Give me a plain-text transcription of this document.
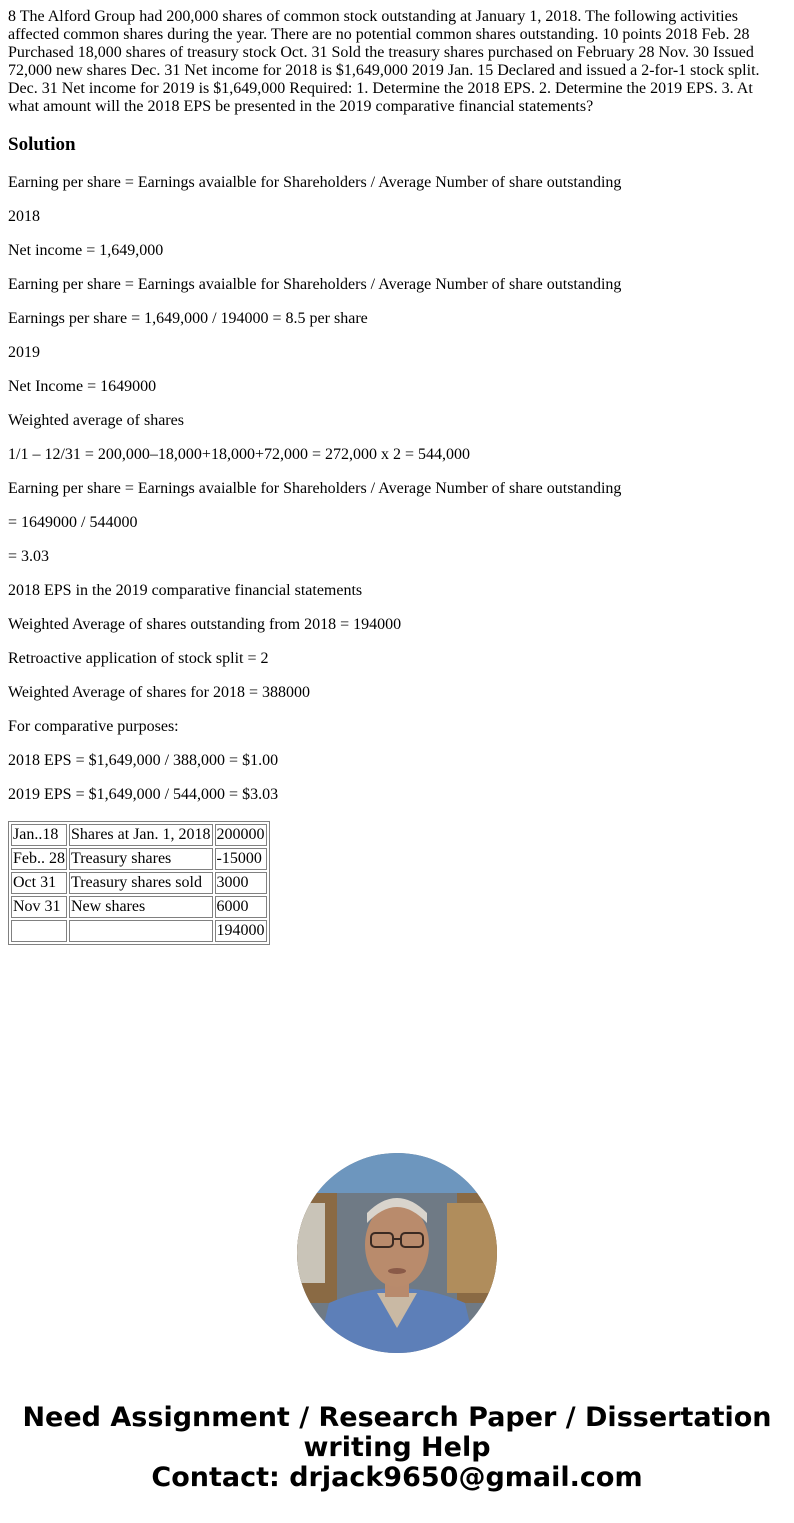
8 The Alford Group had 200,000 shares of common stock outstanding at January 1, 2018. The following activities affected common shares during the year. There are no potential common shares outstanding. 10 points 2018 Feb. 28 Purchased 18,000 shares of treasury stock Oct. 31 Sold the treasury shares purchased on February 28 Nov. 30 Issued 72,000 new shares Dec. 31 Net income for 2018 is $1,649,000 2019 Jan. 15 Declared and issued a 2-for-1 stock split. Dec. 31 Net income for 2019 is $1,649,000 Required: 1. Determine the 2018 EPS. 2. Determine the 2019 EPS. 3. At what amount will the 2018 EPS be presented in the 2019 comparative financial statements?

Solution

Earning per share = Earnings avaialble for Shareholders / Average Number of share outstanding

2018

Net income = 1,649,000

Earning per share = Earnings avaialble for Shareholders / Average Number of share outstanding

Earnings per share = 1,649,000 / 194000 = 8.5 per share

2019

Net Income = 1649000

Weighted average of shares

1/1 – 12/31 = 200,000–18,000+18,000+72,000 = 272,000 x 2 = 544,000

Earning per share = Earnings avaialble for Shareholders / Average Number of share outstanding

= 1649000 / 544000

= 3.03

2018 EPS in the 2019 comparative financial statements

Weighted Average of shares outstanding from 2018 = 194000

Retroactive application of stock split = 2

Weighted Average of shares for 2018 = 388000

For comparative purposes:

2018 EPS = $1,649,000 / 388,000 = $1.00

2019 EPS = $1,649,000 / 544,000 = $3.03

Jan..18	Shares at Jan. 1, 2018	200000
Feb.. 28	Treasury shares	-15000
Oct 31	Treasury shares sold	3000
Nov 31	New shares	6000
		194000
Need Assignment / Research Paper / Dissertation
writing Help
Contact: drjack9650@gmail.com
